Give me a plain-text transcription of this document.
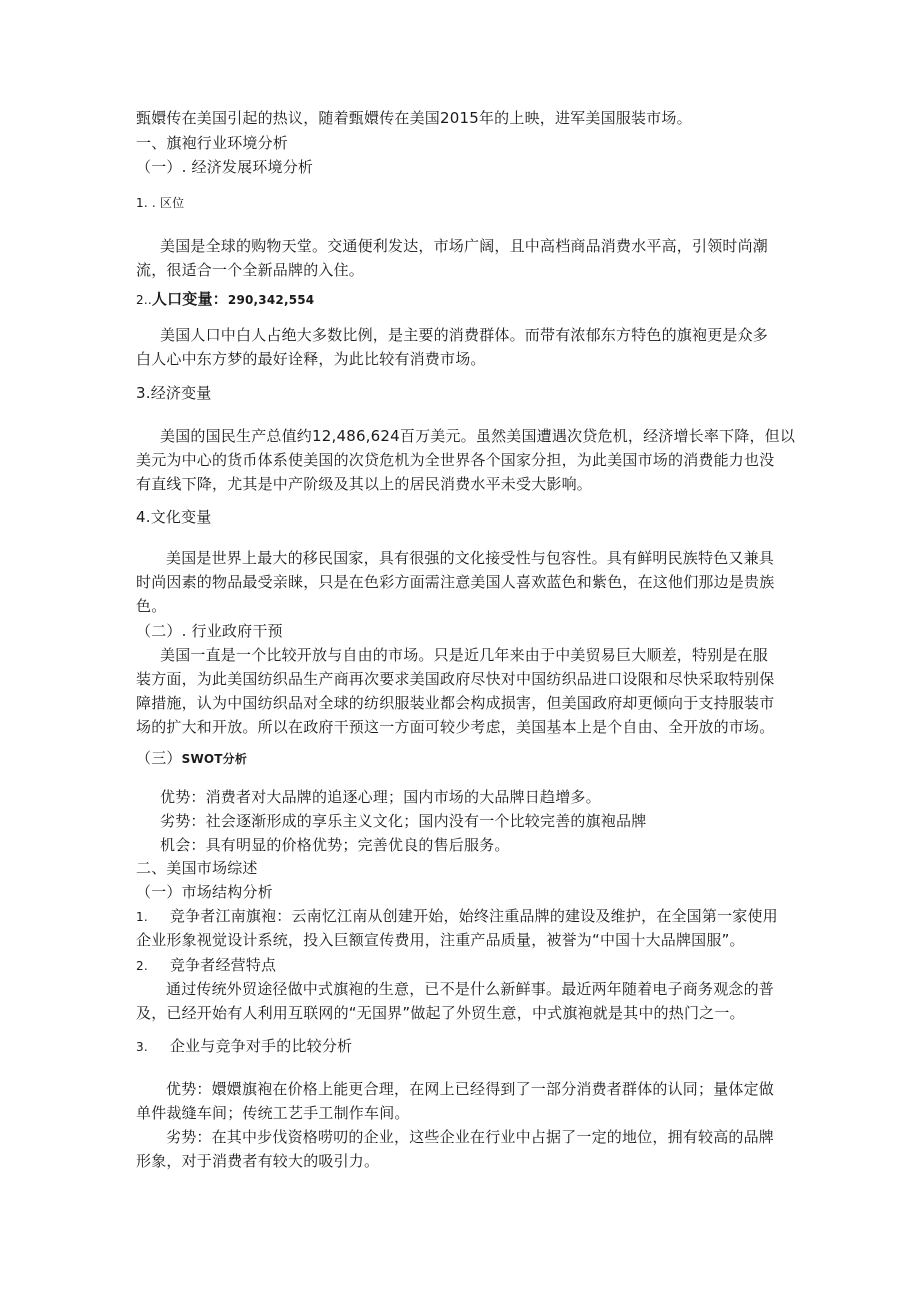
甄嬛传在美国引起的热议，随着甄嬛传在美国2015年的上映，进军美国服装市场。
一、旗袍行业环境分析
（一）. 经济发展环境分析
1. . 区位
美国是全球的购物天堂。交通便利发达，市场广阔，且中高档商品消费水平高，引领时尚潮
流，很适合一个全新品牌的入住。
2..人口变量：290,342,554
美国人口中白人占绝大多数比例，是主要的消费群体。而带有浓郁东方特色的旗袍更是众多
白人心中东方梦的最好诠释，为此比较有消费市场。
3.经济变量
美国的国民生产总值约12,486,624百万美元。虽然美国遭遇次贷危机，经济增长率下降，但以
美元为中心的货币体系使美国的次贷危机为全世界各个国家分担，为此美国市场的消费能力也没
有直线下降，尤其是中产阶级及其以上的居民消费水平未受大影响。
4.文化变量
美国是世界上最大的移民国家，具有很强的文化接受性与包容性。具有鲜明民族特色又兼具
时尚因素的物品最受亲睐，只是在色彩方面需注意美国人喜欢蓝色和紫色，在这他们那边是贵族
色。
（二）. 行业政府干预
美国一直是一个比较开放与自由的市场。只是近几年来由于中美贸易巨大顺差，特别是在服
装方面，为此美国纺织品生产商再次要求美国政府尽快对中国纺织品进口设限和尽快采取特别保
障措施，认为中国纺织品对全球的纺织服装业都会构成损害，但美国政府却更倾向于支持服装市
场的扩大和开放。所以在政府干预这一方面可较少考虑，美国基本上是个自由、全开放的市场。
（三）SWOT分析
优势：消费者对大品牌的追逐心理；国内市场的大品牌日趋增多。
劣势：社会逐渐形成的享乐主义文化；国内没有一个比较完善的旗袍品牌
机会：具有明显的价格优势；完善优良的售后服务。
二、美国市场综述
（一）市场结构分析
1. 竞争者江南旗袍：云南忆江南从创建开始，始终注重品牌的建设及维护，在全国第一家使用
企业形象视觉设计系统，投入巨额宣传费用，注重产品质量，被誉为“中国十大品牌国服”。
2. 竞争者经营特点
通过传统外贸途径做中式旗袍的生意，已不是什么新鲜事。最近两年随着电子商务观念的普
及，已经开始有人利用互联网的“无国界”做起了外贸生意，中式旗袍就是其中的热门之一。
3. 企业与竞争对手的比较分析
优势：嬛嬛旗袍在价格上能更合理，在网上已经得到了一部分消费者群体的认同；量体定做
单件裁缝车间；传统工艺手工制作车间。
劣势：在其中步伐资格唠叨的企业，这些企业在行业中占据了一定的地位，拥有较高的品牌
形象，对于消费者有较大的吸引力。
